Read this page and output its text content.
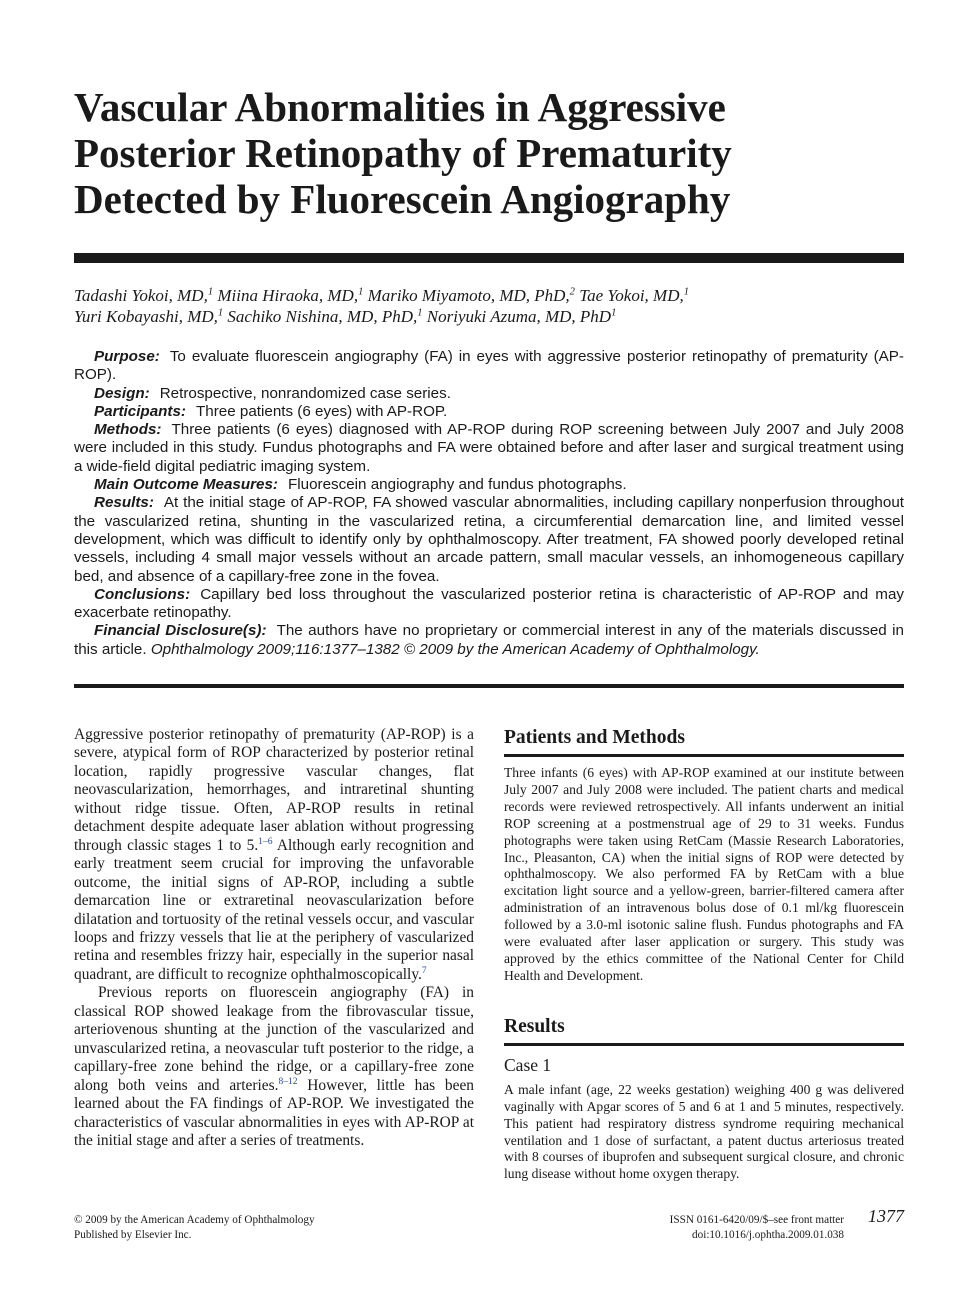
Vascular Abnormalities in Aggressive
Posterior Retinopathy of Prematurity
Detected by Fluorescein Angiography
Tadashi Yokoi, MD,$^1$ Miina Hiraoka, MD,$^1$ Mariko Miyamoto, MD, PhD,$^2$ Tae Yokoi, MD,$^1$
Yuri Kobayashi, MD,$^1$ Sachiko Nishina, MD, PhD,$^1$ Noriyuki Azuma, MD, PhD$^1$

Purpose: To evaluate fluorescein angiography (FA) in eyes with aggressive posterior retinopathy of prematurity (AP-ROP).

Design: Retrospective, nonrandomized case series.

Participants: Three patients (6 eyes) with AP-ROP.

Methods: Three patients (6 eyes) diagnosed with AP-ROP during ROP screening between July 2007 and July 2008 were included in this study. Fundus photographs and FA were obtained before and after laser and surgical treatment using a wide-field digital pediatric imaging system.

Main Outcome Measures: Fluorescein angiography and fundus photographs.

Results: At the initial stage of AP-ROP, FA showed vascular abnormalities, including capillary nonperfusion throughout the vascularized retina, shunting in the vascularized retina, a circumferential demarcation line, and limited vessel development, which was difficult to identify only by ophthalmoscopy. After treatment, FA showed poorly developed retinal vessels, including 4 small major vessels without an arcade pattern, small macular vessels, an inhomogeneous capillary bed, and absence of a capillary-free zone in the fovea.

Conclusions: Capillary bed loss throughout the vascularized posterior retina is characteristic of AP-ROP and may exacerbate retinopathy.

Financial Disclosure(s): The authors have no proprietary or commercial interest in any of the materials discussed in this article. Ophthalmology 2009;116:1377–1382 © 2009 by the American Academy of Ophthalmology.

Aggressive posterior retinopathy of prematurity (AP-ROP) is a severe, atypical form of ROP characterized by posterior retinal location, rapidly progressive vascular changes, flat neovascularization, hemorrhages, and intraretinal shunting without ridge tissue. Often, AP-ROP results in retinal detachment despite adequate laser ablation without progressing through classic stages 1 to 5.$^{1-6}$ Although early recognition and early treatment seem crucial for improving the unfavorable outcome, the initial signs of AP-ROP, including a subtle demarcation line or extraretinal neovascularization before dilatation and tortuosity of the retinal vessels occur, and vascular loops and frizzy vessels that lie at the periphery of vascularized retina and resembles frizzy hair, especially in the superior nasal quadrant, are difficult to recognize ophthalmoscopically.$^7$

Previous reports on fluorescein angiography (FA) in classical ROP showed leakage from the fibrovascular tissue, arteriovenous shunting at the junction of the vascularized and unvascularized retina, a neovascular tuft posterior to the ridge, a capillary-free zone behind the ridge, or a capillary-free zone along both veins and arteries.$^{8-12}$ However, little has been learned about the FA findings of AP-ROP. We investigated the characteristics of vascular abnormalities in eyes with AP-ROP at the initial stage and after a series of treatments.

Patients and Methods

Three infants (6 eyes) with AP-ROP examined at our institute between July 2007 and July 2008 were included. The patient charts and medical records were reviewed retrospectively. All infants underwent an initial ROP screening at a postmenstrual age of 29 to 31 weeks. Fundus photographs were taken using RetCam (Massie Research Laboratories, Inc., Pleasanton, CA) when the initial signs of ROP were detected by ophthalmoscopy. We also performed FA by RetCam with a blue excitation light source and a yellow-green, barrier-filtered camera after administration of an intravenous bolus dose of 0.1 ml/kg fluorescein followed by a 3.0-ml isotonic saline flush. Fundus photographs and FA were evaluated after laser application or surgery. This study was approved by the ethics committee of the National Center for Child Health and Development.

Results
Case 1

A male infant (age, 22 weeks gestation) weighing 400 g was delivered vaginally with Apgar scores of 5 and 6 at 1 and 5 minutes, respectively. This patient had respiratory distress syndrome requiring mechanical ventilation and 1 dose of surfactant, a patent ductus arteriosus treated with 8 courses of ibuprofen and subsequent surgical closure, and chronic lung disease without home oxygen therapy.

© 2009 by the American Academy of Ophthalmology
Published by Elsevier Inc.
ISSN 0161-6420/09/$–see front matter
doi:10.1016/j.ophtha.2009.01.038
1377
